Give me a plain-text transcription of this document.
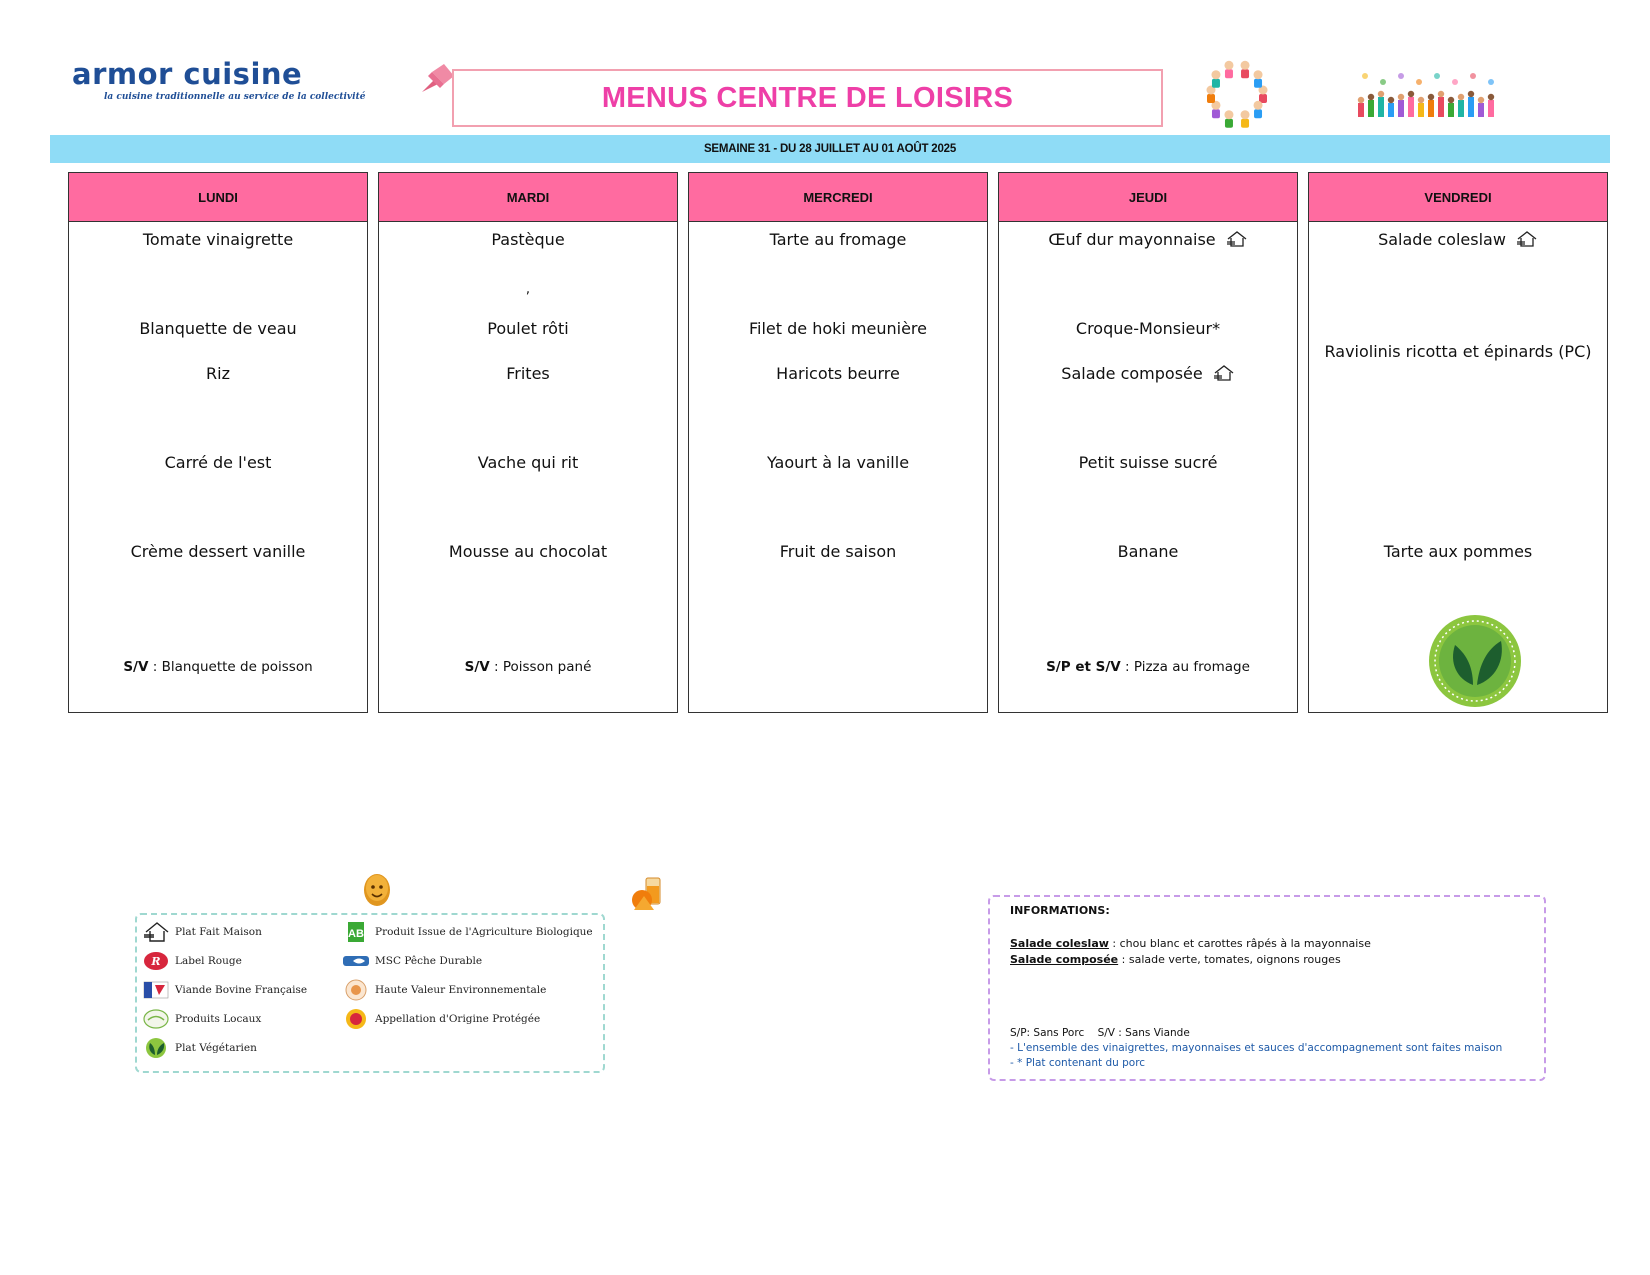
armor cuisine
la cuisine traditionnelle au service de la collectivité	MENUS CENTRE DE LOISIRS
SEMAINE 31 - DU 28 JUILLET AU 01 AOÛT 2025
LUNDI
Tomate vinaigrette
Blanquette de veau
Riz
Carré de l'est
Crème dessert vanille
S/V : Blanquette de poisson
MARDI
Pastèque
,
Poulet rôti
Frites
Vache qui rit
Mousse au chocolat
S/V : Poisson pané
MERCREDI
Tarte au fromage
Filet de hoki meunière
Haricots beurre
Yaourt à la vanille
Fruit de saison
JEUDI
Œuf dur mayonnaise
Croque-Monsieur*
Salade composée
Petit suisse sucré
Banane
S/P et S/V : Pizza au fromage
VENDREDI
Salade coleslaw
Raviolinis ricotta et épinards (PC)
Tarte aux pommes
Plat Fait Maison
R Label Rouge
Viande Bovine Française
Produits Locaux
Plat Végétarien
AB Produit Issue de l'Agriculture Biologique
MSC Pêche Durable
Haute Valeur Environnementale
Appellation d'Origine Protégée
INFORMATIONS:
Salade coleslaw : chou blanc et carottes râpés à la mayonnaise
Salade composée : salade verte, tomates, oignons rouges
S/P: Sans Porc    S/V : Sans Viande
- L'ensemble des vinaigrettes, mayonnaises et sauces d'accompagnement sont faites maison
- * Plat contenant du porc
